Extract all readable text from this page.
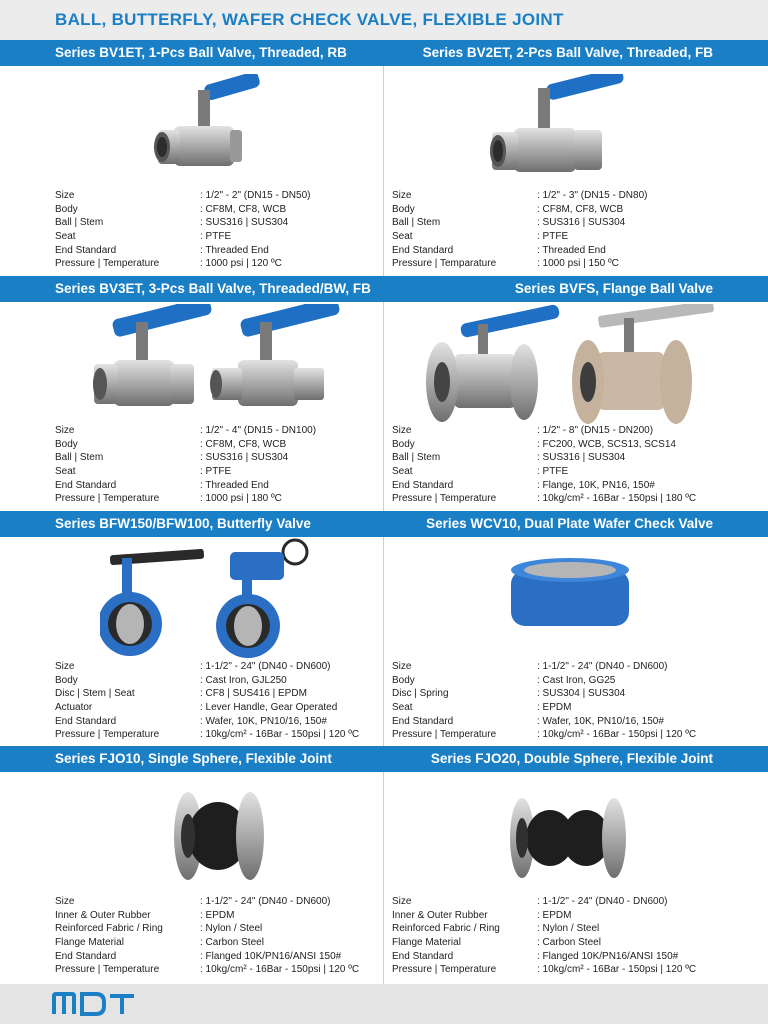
BALL, BUTTERFLY, WAFER CHECK VALVE, FLEXIBLE JOINT
Series BV1ET, 1-Pcs Ball Valve, Threaded, RB	Series BV2ET, 2-Pcs Ball Valve, Threaded, FB
Series BV3ET, 3-Pcs Ball Valve, Threaded/BW, FB	Series BVFS, Flange Ball Valve
Series BFW150/BFW100, Butterfly Valve	Series WCV10, Dual Plate Wafer Check Valve
Series FJO10, Single Sphere, Flexible Joint	Series FJO20, Double Sphere, Flexible Joint
Size	: 1/2" - 2" (DN15 - DN50)
Body	: CF8M, CF8, WCB
Ball | Stem	: SUS316 | SUS304
Seat	: PTFE
End Standard	: Threaded End
Pressure | Temperature	: 1000 psi | 120 ºC
Size	: 1/2" - 3" (DN15 - DN80)
Body	: CF8M, CF8, WCB
Ball | Stem	: SUS316 | SUS304
Seat	: PTFE
End Standard	: Threaded End
Pressure | Temparature	: 1000 psi | 150 ºC
Size	: 1/2" - 4" (DN15 - DN100)
Body	: CF8M, CF8, WCB
Ball | Stem	: SUS316 | SUS304
Seat	: PTFE
End Standard	: Threaded End
Pressure | Temperature	: 1000 psi | 180 ºC
Size	: 1/2" - 8" (DN15 - DN200)
Body	: FC200, WCB, SCS13, SCS14
Ball | Stem	: SUS316 | SUS304
Seat	: PTFE
End Standard	: Flange, 10K, PN16, 150#
Pressure | Temperature	: 10kg/cm² - 16Bar - 150psi | 180 ºC
Size	: 1-1/2" - 24" (DN40 - DN600)
Body	: Cast Iron, GJL250
Disc | Stem | Seat	: CF8 | SUS416 | EPDM
Actuator	: Lever Handle, Gear Operated
End Standard	: Wafer, 10K, PN10/16, 150#
Pressure | Temperature	: 10kg/cm² - 16Bar - 150psi | 120 ºC
Size	: 1-1/2" - 24" (DN40 - DN600)
Body	: Cast Iron, GG25
Disc | Spring	: SUS304 | SUS304
Seat	: EPDM
End Standard	: Wafer, 10K, PN10/16, 150#
Pressure | Temperature	: 10kg/cm² - 16Bar - 150psi | 120 ºC
Size	: 1-1/2" - 24" (DN40 - DN600)
Inner & Outer Rubber	: EPDM
Reinforced Fabric / Ring	: Nylon / Steel
Flange Material	: Carbon Steel
End Standard	: Flanged 10K/PN16/ANSI 150#
Pressure | Temperature	: 10kg/cm² - 16Bar - 150psi | 120 ºC
Size	: 1-1/2" - 24" (DN40 - DN600)
Inner & Outer Rubber	: EPDM
Reinforced Fabric / Ring	: Nylon / Steel
Flange Material	: Carbon Steel
End Standard	: Flanged 10K/PN16/ANSI 150#
Pressure | Temperature	: 10kg/cm² - 16Bar - 150psi | 120 ºC
